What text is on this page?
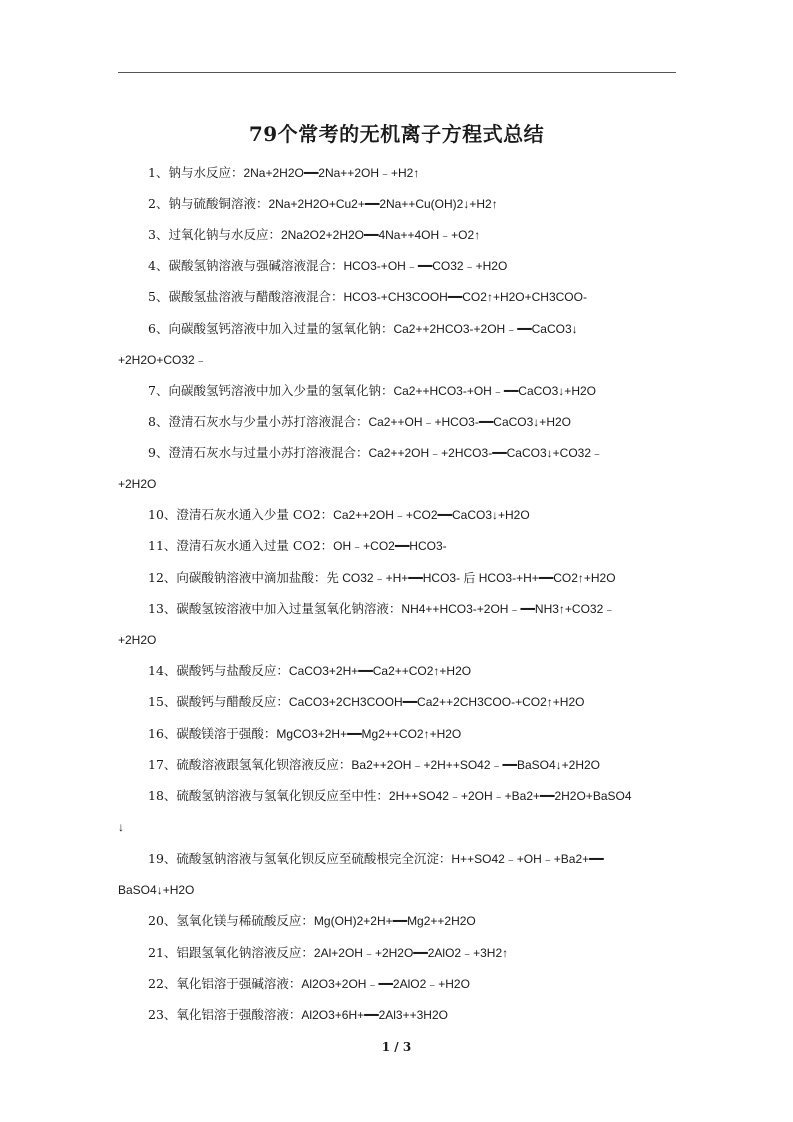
79个常考的无机离子方程式总结
1、钠与水反应：2Na+2H2O━━2Na++2OH﹣+H2↑
2、钠与硫酸铜溶液：2Na+2H2O+Cu2+━━2Na++Cu(OH)2↓+H2↑
3、过氧化钠与水反应：2Na2O2+2H2O━━4Na++4OH﹣+O2↑
4、碳酸氢钠溶液与强碱溶液混合：HCO3-+OH﹣━━CO32﹣+H2O
5、碳酸氢盐溶液与醋酸溶液混合：HCO3-+CH3COOH━━CO2↑+H2O+CH3COO-
6、向碳酸氢钙溶液中加入过量的氢氧化钠：Ca2++2HCO3-+2OH﹣━━CaCO3↓
+2H2O+CO32﹣
7、向碳酸氢钙溶液中加入少量的氢氧化钠：Ca2++HCO3-+OH﹣━━CaCO3↓+H2O
8、澄清石灰水与少量小苏打溶液混合：Ca2++OH﹣+HCO3-━━CaCO3↓+H2O
9、澄清石灰水与过量小苏打溶液混合：Ca2++2OH﹣+2HCO3-━━CaCO3↓+CO32﹣
+2H2O
10、澄清石灰水通入少量 CO2：Ca2++2OH﹣+CO2━━CaCO3↓+H2O
11、澄清石灰水通入过量 CO2：OH﹣+CO2━━HCO3-
12、向碳酸钠溶液中滴加盐酸：先 CO32﹣+H+━━HCO3- 后 HCO3-+H+━━CO2↑+H2O
13、碳酸氢铵溶液中加入过量氢氧化钠溶液：NH4++HCO3-+2OH﹣━━NH3↑+CO32﹣
+2H2O
14、碳酸钙与盐酸反应：CaCO3+2H+━━Ca2++CO2↑+H2O
15、碳酸钙与醋酸反应：CaCO3+2CH3COOH━━Ca2++2CH3COO-+CO2↑+H2O
16、碳酸镁溶于强酸：MgCO3+2H+━━Mg2++CO2↑+H2O
17、硫酸溶液跟氢氧化钡溶液反应：Ba2++2OH﹣+2H++SO42﹣━━BaSO4↓+2H2O
18、硫酸氢钠溶液与氢氧化钡反应至中性：2H++SO42﹣+2OH﹣+Ba2+━━2H2O+BaSO4
↓
19、硫酸氢钠溶液与氢氧化钡反应至硫酸根完全沉淀：H++SO42﹣+OH﹣+Ba2+━━
BaSO4↓+H2O
20、氢氧化镁与稀硫酸反应：Mg(OH)2+2H+━━Mg2++2H2O
21、铝跟氢氧化钠溶液反应：2Al+2OH﹣+2H2O━━2AlO2﹣+3H2↑
22、氧化铝溶于强碱溶液：Al2O3+2OH﹣━━2AlO2﹣+H2O
23、氧化铝溶于强酸溶液：Al2O3+6H+━━2Al3++3H2O
1 / 3
